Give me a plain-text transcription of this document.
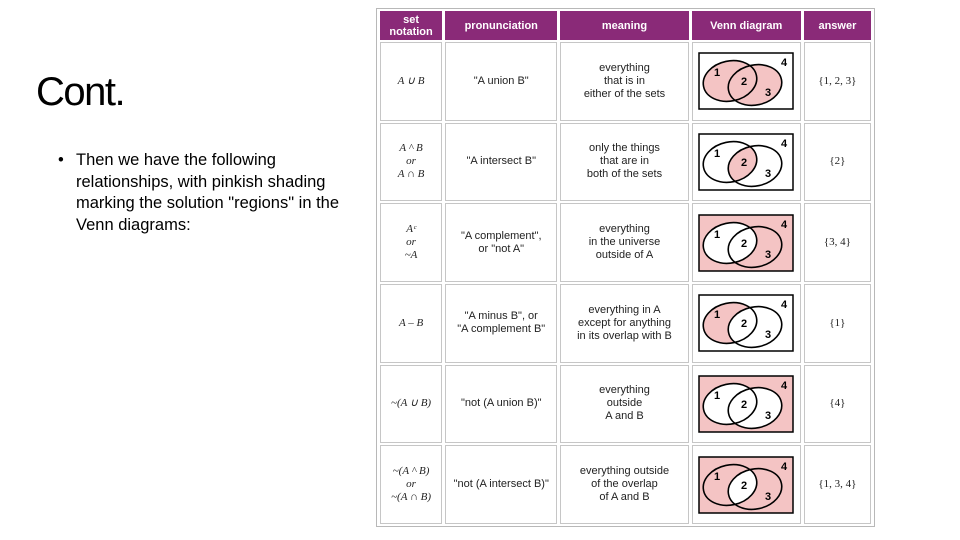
Cont.
• Then we have the following relationships, with pinkish shading marking the solution "regions" in the Venn diagrams:
set notation	pronunciation	meaning	Venn diagram	answer

A ∪ B	"A union B"	everything
that is in
either of the sets	1
2
3
4	{1, 2, 3}

A ^ B
or
A ∩ B	"A intersect B"	only the things
that are in
both of the sets	1
2
3
4	{2}

Aᶜ
or
~A	"A complement",
or "not A"	everything
in the universe
outside of A	1
2
3
4	{3, 4}

A – B	"A minus B", or
"A complement B"	everything in A
except for anything
in its overlap with B	1
2
3
4	{1}

~(A ∪ B)	"not (A union B)"	everything
outside
A and B	1
2
3
4	{4}

~(A ^ B)
or
~(A ∩ B)	"not (A intersect B)"	everything outside
of the overlap
of A and B	1
2
3
4	{1, 3, 4}
